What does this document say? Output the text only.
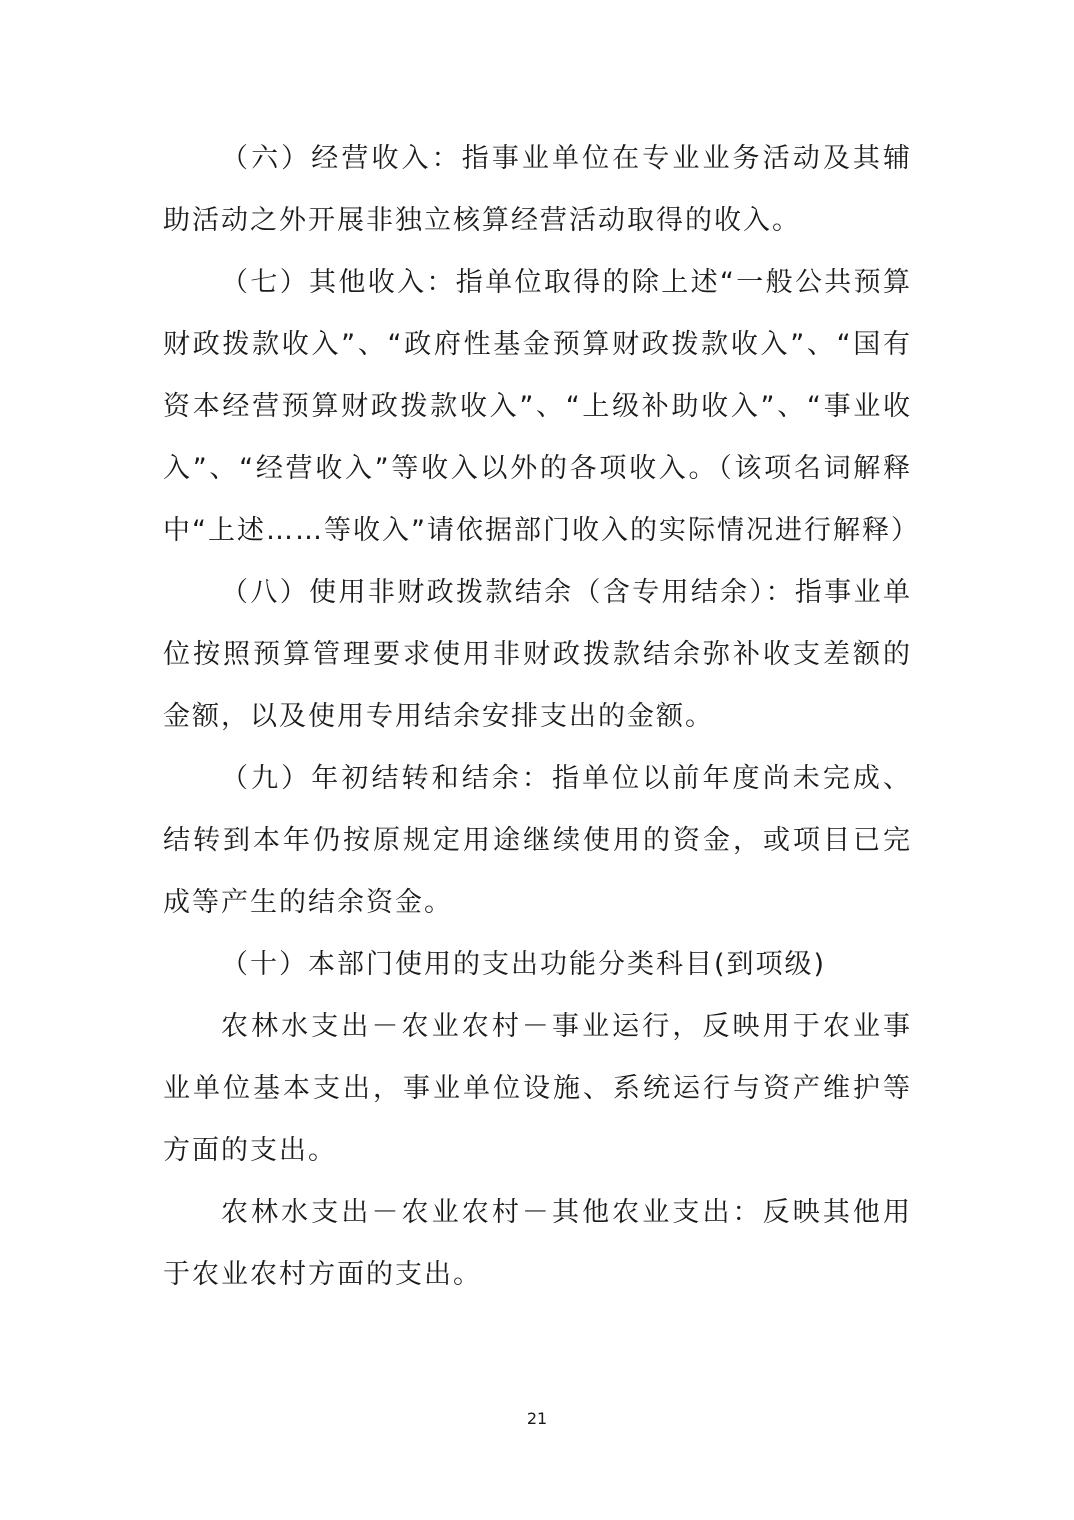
（六）经营收入：指事业单位在专业业务活动及其辅助活动之外开展非独立核算经营活动取得的收入。

（七）其他收入：指单位取得的除上述“一般公共预算财政拨款收入”、“政府性基金预算财政拨款收入”、“国有资本经营预算财政拨款收入”、“上级补助收入”、“事业收入”、“经营收入”等收入以外的各项收入。（该项名词解释中“上述……等收入”请依据部门收入的实际情况进行解释）

（八）使用非财政拨款结余（含专用结余）：指事业单位按照预算管理要求使用非财政拨款结余弥补收支差额的金额，以及使用专用结余安排支出的金额。

（九）年初结转和结余：指单位以前年度尚未完成、结转到本年仍按原规定用途继续使用的资金，或项目已完成等产生的结余资金。

（十）本部门使用的支出功能分类科目(到项级)

农林水支出－农业农村－事业运行，反映用于农业事业单位基本支出，事业单位设施、系统运行与资产维护等方面的支出。

农林水支出－农业农村－其他农业支出：反映其他用于农业农村方面的支出。

21
